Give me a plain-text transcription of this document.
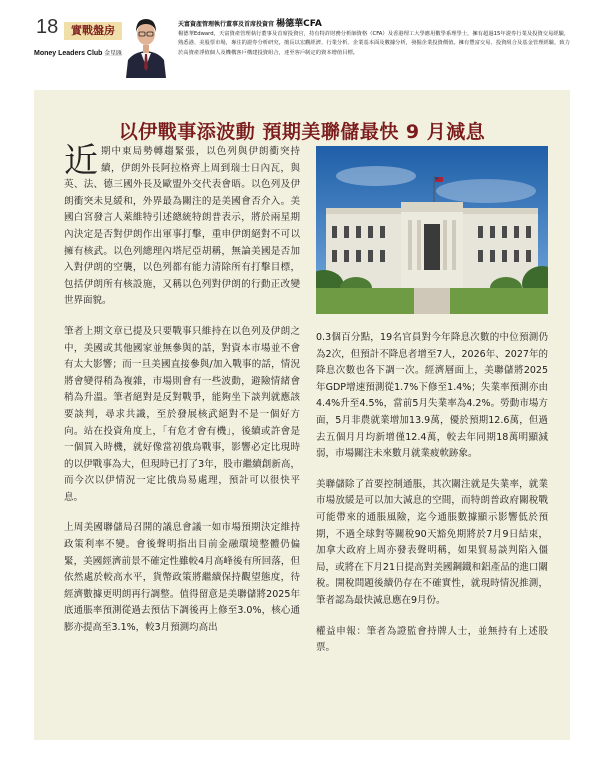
18	實戰盤房
Money Leaders Club 金星匯
天富資產管理執行董事及首席投資官 楊德華CFA
楊德華Edward，天富資產管理執行董事及首席投資官，持有特許財務分析師資格（CFA）及香港理工大學應用數學系理學士，擁有超過15年證券行業及投資交易經驗，熟悉港、美股票市場，專注的證券分析研究，擅長以宏觀經濟、行業分析、企業基本面及數據分析，發掘企業投資價值。擁有豐富交易、投資組合及基金管理經驗，致力於高資產淨值個人及機構客戶構建投資組合，達至客戶制定的資本增值目標。
以伊戰事添波動 預期美聯儲最快 9 月減息

近期中東局勢轉趨緊張，以色列與伊朗衝突持續，伊朗外長阿拉格齊上周到瑞士日內瓦，與英、法、德三國外長及歐盟外交代表會晤。以色列及伊朗衝突未見緩和，外界最為關注的是美國會否介入。美國白宮發言人萊維特引述總統特朗普表示，將於兩星期內決定是否對伊朗作出軍事打擊，重申伊朗絕對不可以擁有核武。以色列總理內塔尼亞胡稱，無論美國是否加入對伊朗的空襲，以色列都有能力清除所有打擊目標，包括伊朗所有核設施，又稱以色列對伊朗的行動正改變世界面貌。

筆者上期文章已提及只要戰事只維持在以色列及伊朗之中，美國或其他國家並無參與的話，對資本市場並不會有太大影響；而一旦美國直接參與/加入戰事的話，情況將會變得稍為複雜，市場則會有一些波動，避險情緒會稍為升溫。筆者絕對是反對戰爭，能夠坐下談判就應該要談判，尋求共識，至於發展核武絕對不是一個好方向。站在投資角度上，「有危才會有機」，後續或許會是一個買入時機，就好像當初俄烏戰事，影響必定比現時的以伊戰事為大，但現時已打了3年，股市繼續創新高，而今次以伊情況一定比俄烏易處理，預計可以很快平息。

上周美國聯儲局召開的議息會議一如市場預期決定維持政策利率不變。會後聲明指出目前金融環境整體仍偏緊，美國經濟前景不確定性雖較4月高峰後有所回落，但依然處於較高水平，貨幣政策將繼續保持觀望態度，待經濟數據更明朗再行調整。值得留意是美聯儲將2025年底通脹率預測從過去預估下調後再上修至3.0%，核心通膨亦提高至3.1%，較3月預測均高出

0.3個百分點，19名官員對今年降息次數的中位預測仍為2次，但預計不降息者增至7人，2026年、2027年的降息次數也各下調一次。經濟層面上，美聯儲將2025年GDP增速預測從1.7%下修至1.4%；失業率預測亦由4.4%升至4.5%，當前5月失業率為4.2%。勞動市場方面，5月非農就業增加13.9萬，優於預期12.6萬，但過去五個月月均新增僅12.4萬，較去年同期18萬明顯減弱，市場關注未來數月就業疲軟跡象。

美聯儲除了首要控制通脹，其次關注就是失業率，就業市場放緩是可以加大減息的空間，而特朗普政府關稅戰可能帶來的通脹風險，迄今通脹數據顯示影響低於預期，不過全球對等關稅90天豁免期將於7月9日結束，加拿大政府上周亦發表聲明稱，如果貿易談判陷入僵局，或將在下月21日提高對美國鋼鐵和鋁產品的進口關稅。開稅問題後續仍存在不確實性，就現時情況推測，筆者認為最快減息應在9月份。

權益申報：筆者為證監會持牌人士，並無持有上述股票。
